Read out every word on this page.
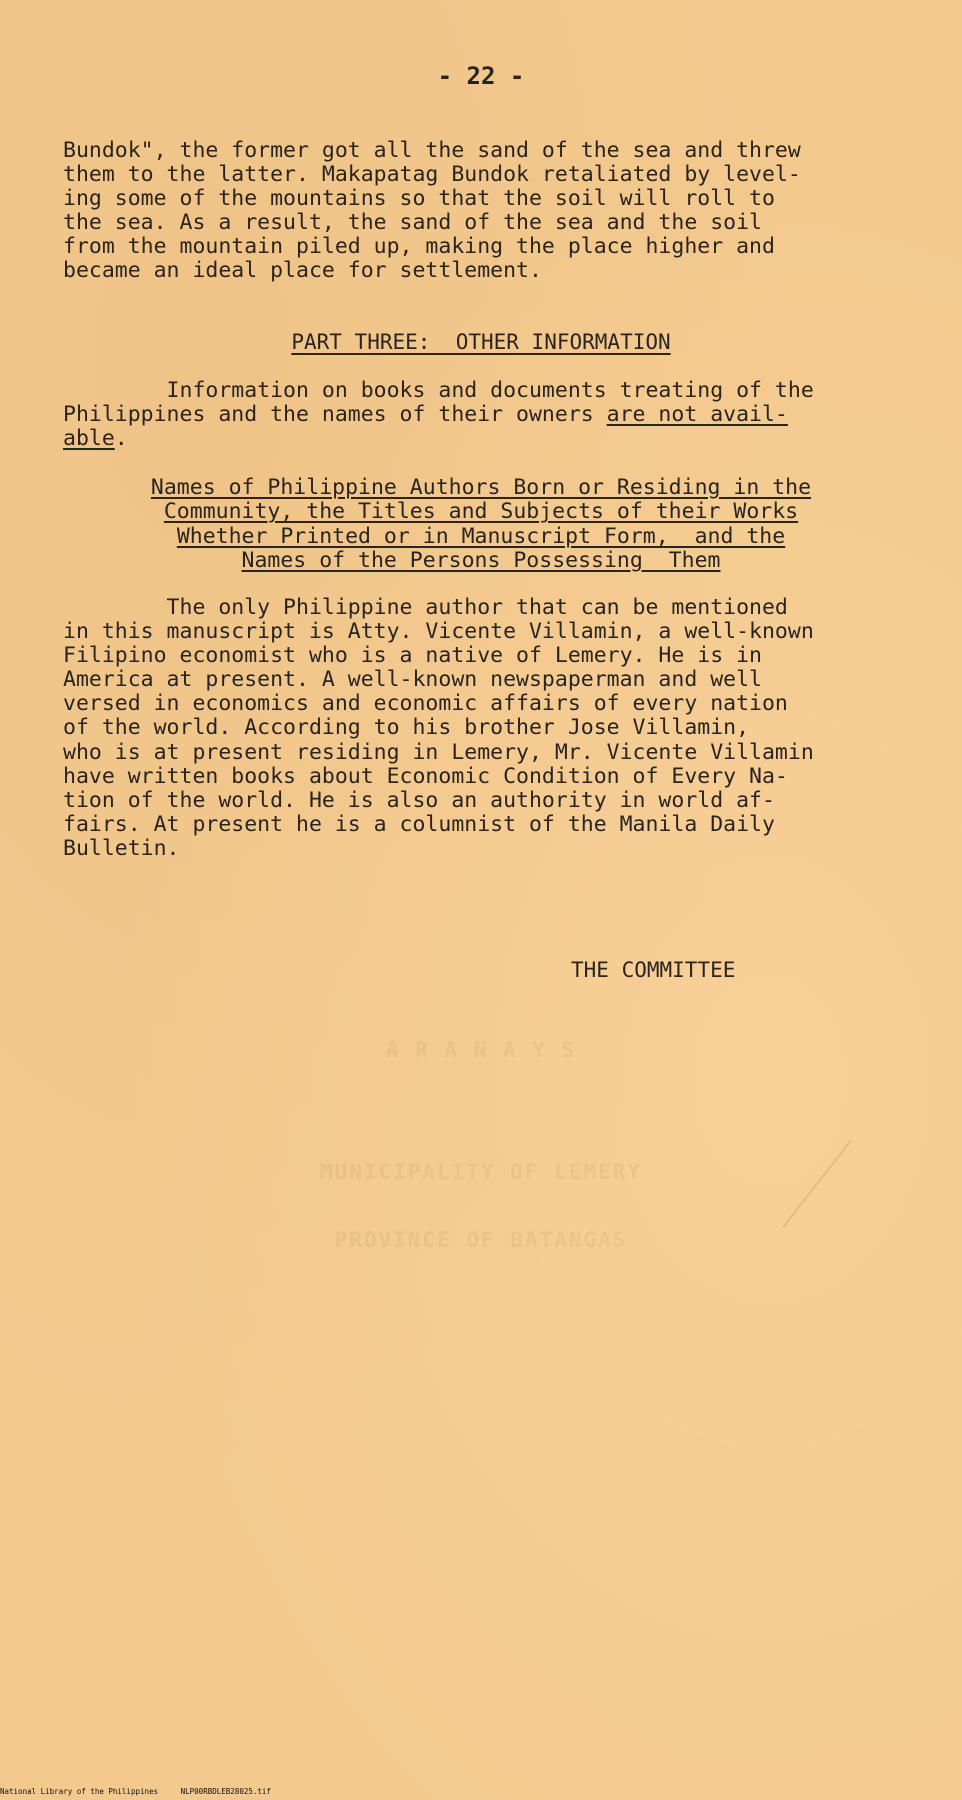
A R A N A Y S
MUNICIPALITY OF LEMERY
PROVINCE OF BATANGAS
- 22 -
Bundok", the former got all the sand of the sea and threw
them to the latter. Makapatag Bundok retaliated by level-
ing some of the mountains so that the soil will roll to
the sea. As a result, the sand of the sea and the soil
from the mountain piled up, making the place higher and
became an ideal place for settlement.
PART THREE:  OTHER INFORMATION
Information on books and documents treating of the
Philippines and the names of their owners are not avail-
able.
Names of Philippine Authors Born or Residing in the
Community, the Titles and Subjects of their Works
Whether Printed or in Manuscript Form,  and the
Names of the Persons Possessing  Them
The only Philippine author that can be mentioned
in this manuscript is Atty. Vicente Villamin, a well-known
Filipino economist who is a native of Lemery. He is in
America at present. A well-known newspaperman and well
versed in economics and economic affairs of every nation
of the world. According to his brother Jose Villamin,
who is at present residing in Lemery, Mr. Vicente Villamin
have written books about Economic Condition of Every Na-
tion of the world. He is also an authority in world af-
fairs. At present he is a columnist of the Manila Daily
Bulletin.
THE COMMITTEE
National Library of the Philippines	NLP00RBDLEB28025.tif
